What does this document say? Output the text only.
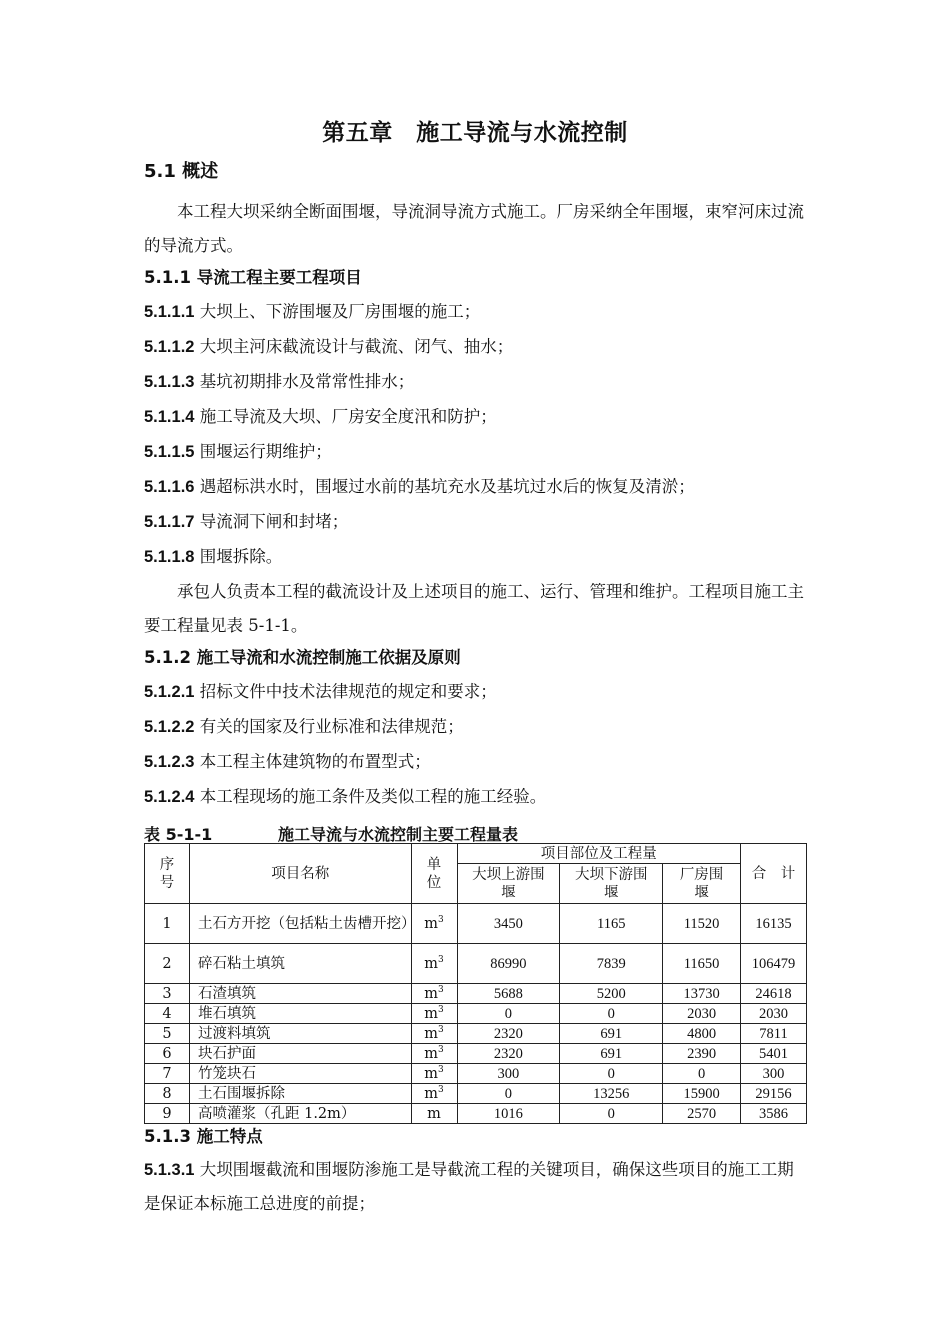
第五章　施工导流与水流控制
5.1 概述
本工程大坝采纳全断面围堰，导流洞导流方式施工。厂房采纳全年围堰，束窄河床过流的导流方式。
5.1.1 导流工程主要工程项目
5.1.1.1 大坝上、下游围堰及厂房围堰的施工；
5.1.1.2 大坝主河床截流设计与截流、闭气、抽水；
5.1.1.3 基坑初期排水及常常性排水；
5.1.1.4 施工导流及大坝、厂房安全度汛和防护；
5.1.1.5 围堰运行期维护；
5.1.1.6 遇超标洪水时，围堰过水前的基坑充水及基坑过水后的恢复及清淤；
5.1.1.7 导流洞下闸和封堵；
5.1.1.8 围堰拆除。
承包人负责本工程的截流设计及上述项目的施工、运行、管理和维护。工程项目施工主要工程量见表 5-1-1。
5.1.2 施工导流和水流控制施工依据及原则
5.1.2.1 招标文件中技术法律规范的规定和要求；
5.1.2.2 有关的国家及行业标准和法律规范；
5.1.2.3 本工程主体建筑物的布置型式；
5.1.2.4 本工程现场的施工条件及类似工程的施工经验。
表 5-1-1	施工导流与水流控制主要工程量表
序号	项目名称	单位	项目部位及工程量			合　计
			大坝上游围堰	大坝下游围堰	厂房围堰	
1	土石方开挖（包括粘土齿槽开挖）	$m^3$	3450	1165	11520	16135
2	碎石粘土填筑	$m^3$	86990	7839	11650	106479
3	石渣填筑	$m^3$	5688	5200	13730	24618
4	堆石填筑	$m^3$	0	0	2030	2030
5	过渡料填筑	$m^3$	2320	691	4800	7811
6	块石护面	$m^3$	2320	691	2390	5401
7	竹笼块石	$m^3$	300	0	0	300
8	土石围堰拆除	$m^3$	0	13256	15900	29156
9	高喷灌浆（孔距 1.2m）	m	1016	0	2570	3586
5.1.3 施工特点
5.1.3.1 大坝围堰截流和围堰防渗施工是导截流工程的关键项目，确保这些项目的施工工期是保证本标施工总进度的前提；
